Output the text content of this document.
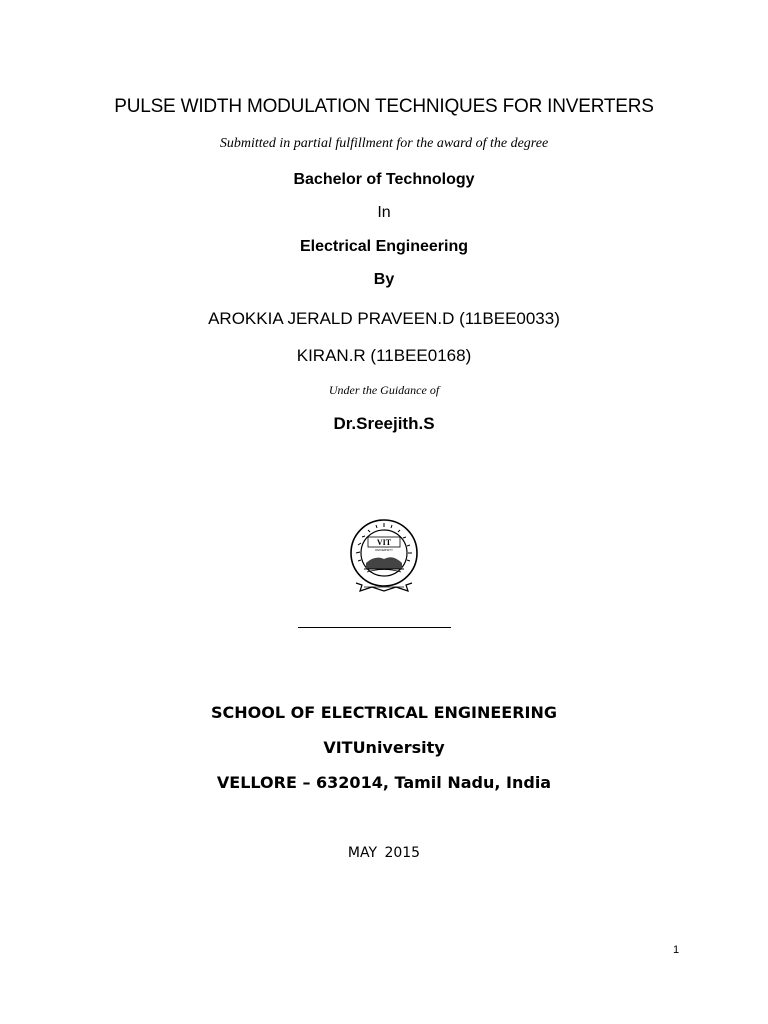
PULSE WIDTH MODULATION TECHNIQUES FOR INVERTERS
Submitted in partial fulfillment for the award of the degree
Bachelor of Technology
In
Electrical Engineering
By
AROKKIA JERALD PRAVEEN.D (11BEE0033)
KIRAN.R (11BEE0168)
Under the Guidance of
Dr.Sreejith.S
VIT
UNIVERSITY
SCHOOL OF ELECTRICAL ENGINEERING
VITUniversity
VELLORE – 632014, Tamil Nadu, India
MAY 2015
1
